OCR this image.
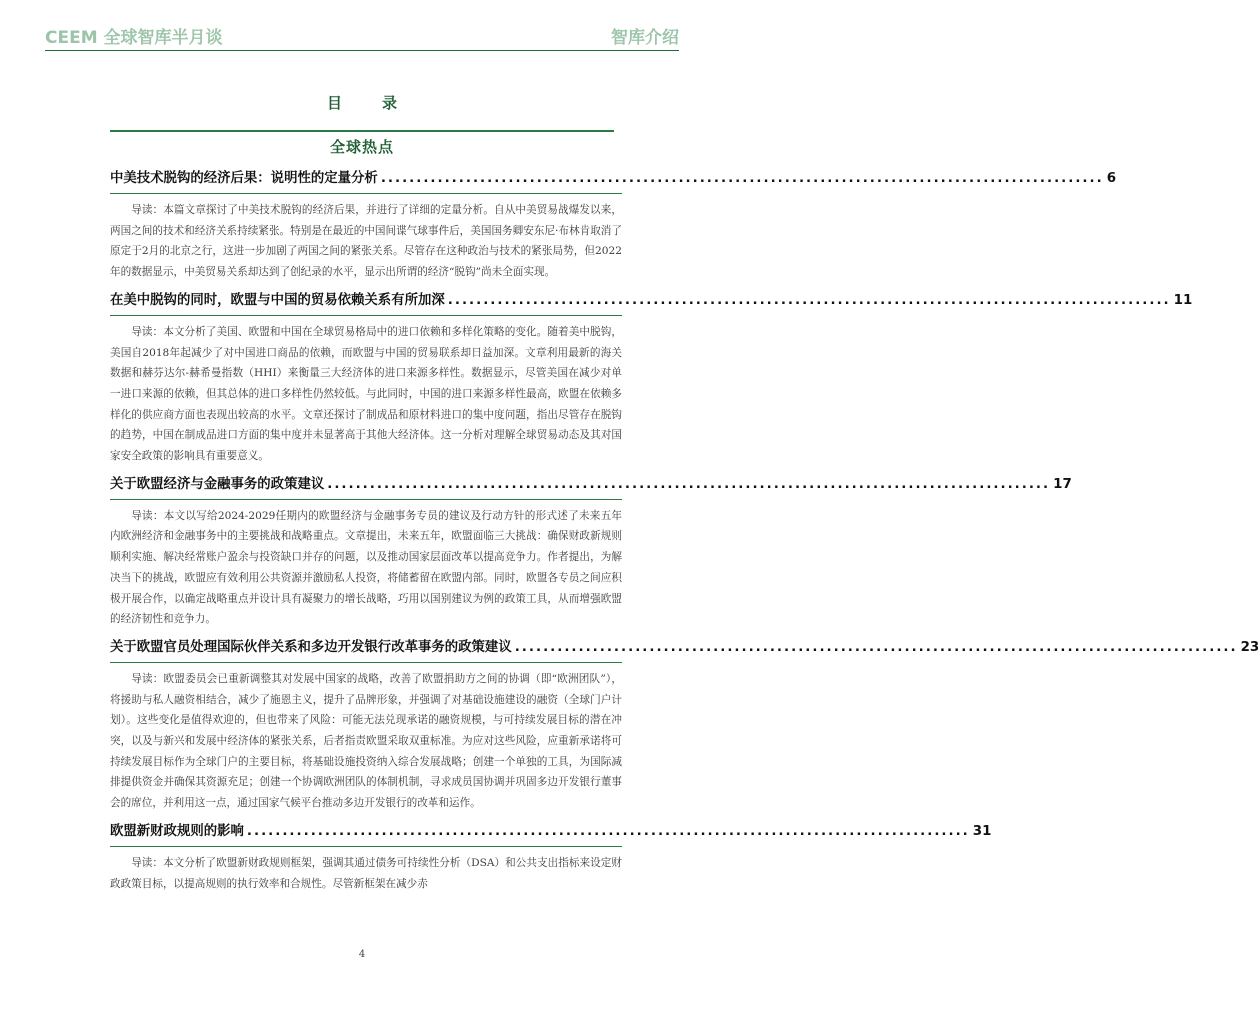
CEEM 全球智库半月谈	智库介绍
目录
全球热点
中美技术脱钩的经济后果：说明性的定量分析 ...................................................................................................... 6

导读：本篇文章探讨了中美技术脱钩的经济后果，并进行了详细的定量分析。自从中美贸易战爆发以来，两国之间的技术和经济关系持续紧张。特别是在最近的中国间谍气球事件后，美国国务卿安东尼·布林肯取消了原定于2月的北京之行，这进一步加剧了两国之间的紧张关系。尽管存在这种政治与技术的紧张局势，但2022年的数据显示，中美贸易关系却达到了创纪录的水平，显示出所谓的经济“脱钩”尚未全面实现。

在美中脱钩的同时，欧盟与中国的贸易依赖关系有所加深 ...................................................................................................... 11

导读：本文分析了美国、欧盟和中国在全球贸易格局中的进口依赖和多样化策略的变化。随着美中脱钩，美国自2018年起减少了对中国进口商品的依赖，而欧盟与中国的贸易联系却日益加深。文章利用最新的海关数据和赫芬达尔-赫希曼指数（HHI）来衡量三大经济体的进口来源多样性。数据显示，尽管美国在减少对单一进口来源的依赖，但其总体的进口多样性仍然较低。与此同时，中国的进口来源多样性最高，欧盟在依赖多样化的供应商方面也表现出较高的水平。文章还探讨了制成品和原材料进口的集中度问题，指出尽管存在脱钩的趋势，中国在制成品进口方面的集中度并未显著高于其他大经济体。这一分析对理解全球贸易动态及其对国家安全政策的影响具有重要意义。

关于欧盟经济与金融事务的政策建议 ...................................................................................................... 17

导读：本文以写给2024-2029任期内的欧盟经济与金融事务专员的建议及行动方针的形式述了未来五年内欧洲经济和金融事务中的主要挑战和战略重点。文章提出，未来五年，欧盟面临三大挑战：确保财政新规则顺利实施、解决经常账户盈余与投资缺口并存的问题，以及推动国家层面改革以提高竞争力。作者提出，为解决当下的挑战，欧盟应有效利用公共资源并激励私人投资，将储蓄留在欧盟内部。同时，欧盟各专员之间应积极开展合作，以确定战略重点并设计具有凝聚力的增长战略，巧用以国别建议为例的政策工具，从而增强欧盟的经济韧性和竞争力。

关于欧盟官员处理国际伙伴关系和多边开发银行改革事务的政策建议 ...................................................................................................... 23

导读：欧盟委员会已重新调整其对发展中国家的战略，改善了欧盟捐助方之间的协调（即“欧洲团队”），将援助与私人融资相结合，减少了施恩主义，提升了品牌形象，并强调了对基础设施建设的融资（全球门户计划）。这些变化是值得欢迎的，但也带来了风险：可能无法兑现承诺的融资规模，与可持续发展目标的潜在冲突，以及与新兴和发展中经济体的紧张关系，后者指责欧盟采取双重标准。为应对这些风险，应重新承诺将可持续发展目标作为全球门户的主要目标，将基础设施投资纳入综合发展战略；创建一个单独的工具，为国际减排提供资金并确保其资源充足；创建一个协调欧洲团队的体制机制，寻求成员国协调并巩固多边开发银行董事会的席位，并利用这一点，通过国家气候平台推动多边开发银行的改革和运作。

欧盟新财政规则的影响 ...................................................................................................... 31

导读：本文分析了欧盟新财政规则框架，强调其通过债务可持续性分析（DSA）和公共支出指标来设定财政政策目标，以提高规则的执行效率和合规性。尽管新框架在减少赤

4
